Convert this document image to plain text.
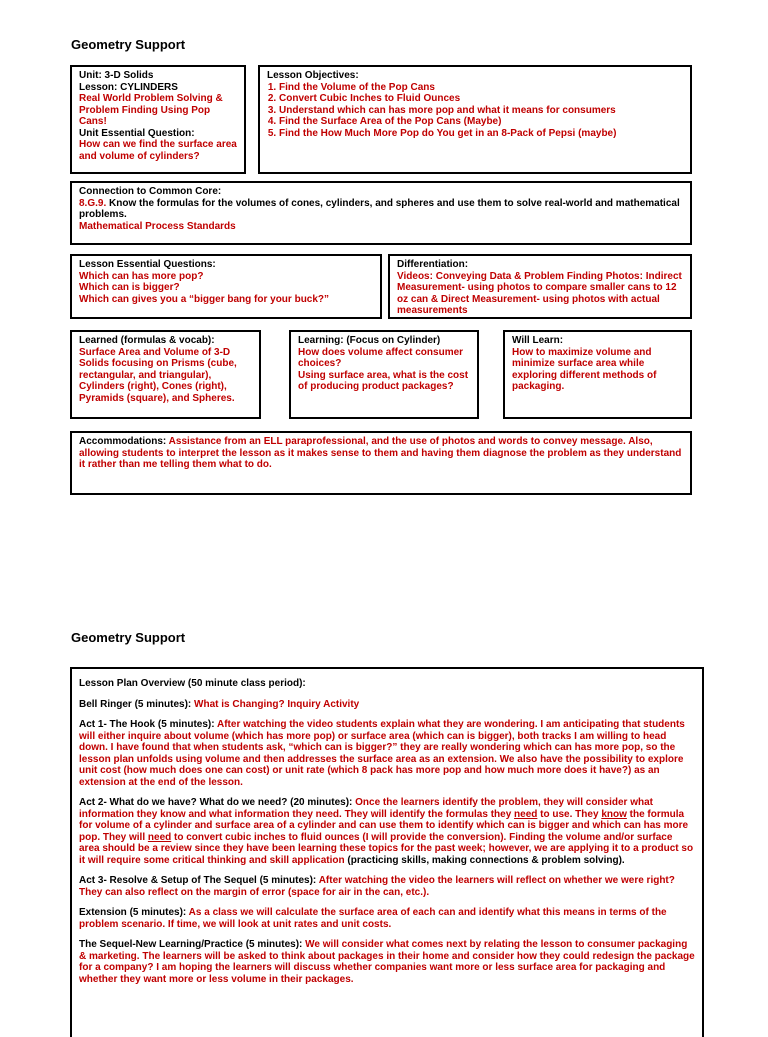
Geometry Support
Unit: 3-D Solids
Lesson: CYLINDERS
Real World Problem Solving & Problem Finding Using Pop Cans!
Unit Essential Question:
How can we find the surface area and volume of cylinders?
Lesson Objectives:
1. Find the Volume of the Pop Cans
2. Convert Cubic Inches to Fluid Ounces
3. Understand which can has more pop and what it means for consumers
4. Find the Surface Area of the Pop Cans (Maybe)
5. Find the How Much More Pop do You get in an 8-Pack of Pepsi (maybe)
Connection to Common Core:
8.G.9. Know the formulas for the volumes of cones, cylinders, and spheres and use them to solve real-world and mathematical problems.
Mathematical Process Standards
Lesson Essential Questions:
Which can has more pop?
Which can is bigger?
Which can gives you a “bigger bang for your buck?”
Differentiation:
Videos: Conveying Data & Problem Finding Photos: Indirect Measurement- using photos to compare smaller cans to 12 oz can & Direct Measurement- using photos with actual measurements
Learned (formulas & vocab):
Surface Area and Volume of 3-D Solids focusing on Prisms (cube, rectangular, and triangular), Cylinders (right), Cones (right), Pyramids (square), and Spheres.
Learning: (Focus on Cylinder)
How does volume affect consumer choices?
Using surface area, what is the cost of producing product packages?
Will Learn:
How to maximize volume and minimize surface area while exploring different methods of packaging.
Accommodations: Assistance from an ELL paraprofessional, and the use of photos and words to convey message. Also, allowing students to interpret the lesson as it makes sense to them and having them diagnose the problem as they understand it rather than me telling them what to do.
Geometry Support

Lesson Plan Overview (50 minute class period):

Bell Ringer (5 minutes): What is Changing? Inquiry Activity

Act 1- The Hook (5 minutes): After watching the video students explain what they are wondering. I am anticipating that students will either inquire about volume (which has more pop) or surface area (which can is bigger), both tracks I am willing to head down. I have found that when students ask, “which can is bigger?” they are really wondering which can has more pop, so the lesson plan unfolds using volume and then addresses the surface area as an extension. We also have the possibility to explore unit cost (how much does one can cost) or unit rate (which 8 pack has more pop and how much more does it have?) as an extension at the end of the lesson.

Act 2- What do we have? What do we need? (20 minutes): Once the learners identify the problem, they will consider what information they know and what information they need. They will identify the formulas they need to use. They know the formula for volume of a cylinder and surface area of a cylinder and can use them to identify which can is bigger and which can has more pop. They will need to convert cubic inches to fluid ounces (I will provide the conversion). Finding the volume and/or surface area should be a review since they have been learning these topics for the past week; however, we are applying it to a product so it will require some critical thinking and skill application (practicing skills, making connections & problem solving).

Act 3- Resolve & Setup of The Sequel (5 minutes): After watching the video the learners will reflect on whether we were right? They can also reflect on the margin of error (space for air in the can, etc.).

Extension (5 minutes): As a class we will calculate the surface area of each can and identify what this means in terms of the problem scenario. If time, we will look at unit rates and unit costs.

The Sequel-New Learning/Practice (5 minutes): We will consider what comes next by relating the lesson to consumer packaging & marketing. The learners will be asked to think about packages in their home and consider how they could redesign the package for a company? I am hoping the learners will discuss whether companies want more or less surface area for packaging and whether they want more or less volume in their packages.
